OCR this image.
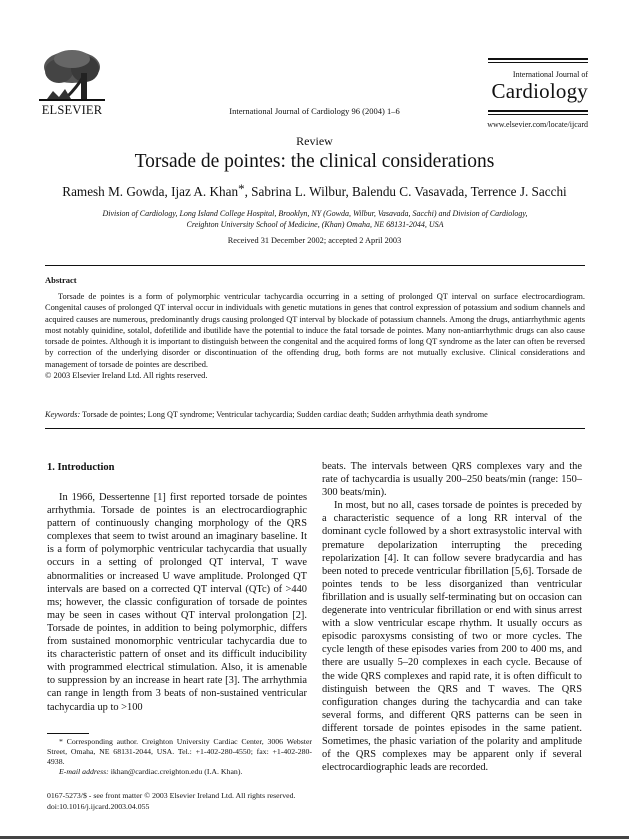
ELSEVIER	International Journal of Cardiology 96 (2004) 1–6
International Journal of
Cardiology
www.elsevier.com/locate/ijcard
Review
Torsade de pointes: the clinical considerations
Ramesh M. Gowda, Ijaz A. Khan*, Sabrina L. Wilbur, Balendu C. Vasavada, Terrence J. Sacchi
Division of Cardiology, Long Island College Hospital, Brooklyn, NY (Gowda, Wilbur, Vasavada, Sacchi) and Division of Cardiology,
Creighton University School of Medicine, (Khan) Omaha, NE 68131-2044, USA
Received 31 December 2002; accepted 2 April 2003
Abstract

Torsade de pointes is a form of polymorphic ventricular tachycardia occurring in a setting of prolonged QT interval on surface electrocardiogram. Congenital causes of prolonged QT interval occur in individuals with genetic mutations in genes that control expression of potassium and sodium channels and acquired causes are numerous, predominantly drugs causing prolonged QT interval by blockade of potassium channels. Among the drugs, antiarrhythmic agents most notably quinidine, sotalol, dofetilide and ibutilide have the potential to induce the fatal torsade de pointes. Many non-antiarrhythmic drugs can also cause torsade de pointes. Although it is important to distinguish between the congenital and the acquired forms of long QT syndrome as the later can often be reversed by correction of the underlying disorder or discontinuation of the offending drug, both forms are not mutually exclusive. Clinical considerations and management of torsade de pointes are described.

© 2003 Elsevier Ireland Ltd. All rights reserved.
Keywords: Torsade de pointes; Long QT syndrome; Ventricular tachycardia; Sudden cardiac death; Sudden arrhythmia death syndrome
1. Introduction

In 1966, Dessertenne [1] first reported torsade de pointes arrhythmia. Torsade de pointes is an electrocardiographic pattern of continuously changing morphology of the QRS complexes that seem to twist around an imaginary baseline. It is a form of polymorphic ventricular tachycardia that usually occurs in a setting of prolonged QT interval, T wave abnormalities or increased U wave amplitude. Prolonged QT intervals are based on a corrected QT interval (QTc) of >440 ms; however, the classic configuration of torsade de pointes may be seen in cases without QT interval prolongation [2]. Torsade de pointes, in addition to being polymorphic, differs from sustained monomorphic ventricular tachycardia due to its characteristic pattern of onset and its difficult inducibility with programmed electrical stimulation. Also, it is amenable to suppression by an increase in heart rate [3]. The arrhythmia can range in length from 3 beats of non-sustained ventricular tachycardia up to >100

beats. The intervals between QRS complexes vary and the rate of tachycardia is usually 200–250 beats/min (range: 150–300 beats/min).

In most, but no all, cases torsade de pointes is preceded by a characteristic sequence of a long RR interval of the dominant cycle followed by a short extrasystolic interval with premature depolarization interrupting the preceding repolarization [4]. It can follow severe bradycardia and has been noted to precede ventricular fibrillation [5,6]. Torsade de pointes tends to be less disorganized than ventricular fibrillation and is usually self-terminating but on occasion can degenerate into ventricular fibrillation or end with sinus arrest with a slow ventricular escape rhythm. It usually occurs as episodic paroxysms consisting of two or more cycles. The cycle length of these episodes varies from 200 to 400 ms, and there are usually 5–20 complexes in each cycle. Because of the wide QRS complexes and rapid rate, it is often difficult to distinguish between the QRS and T waves. The QRS configuration changes during the tachycardia and can take several forms, and different QRS patterns can be seen in different torsade de pointes episodes in the same patient. Sometimes, the phasic variation of the polarity and amplitude of the QRS complexes may be apparent only if several electrocardiographic leads are recorded.

* Corresponding author. Creighton University Cardiac Center, 3006 Webster Street, Omaha, NE 68131-2044, USA. Tel.: +1-402-280-4550; fax: +1-402-280-4938.

E-mail address: ikhan@cardiac.creighton.edu (I.A. Khan).

0167-5273/$ - see front matter © 2003 Elsevier Ireland Ltd. All rights reserved.
doi:10.1016/j.ijcard.2003.04.055
